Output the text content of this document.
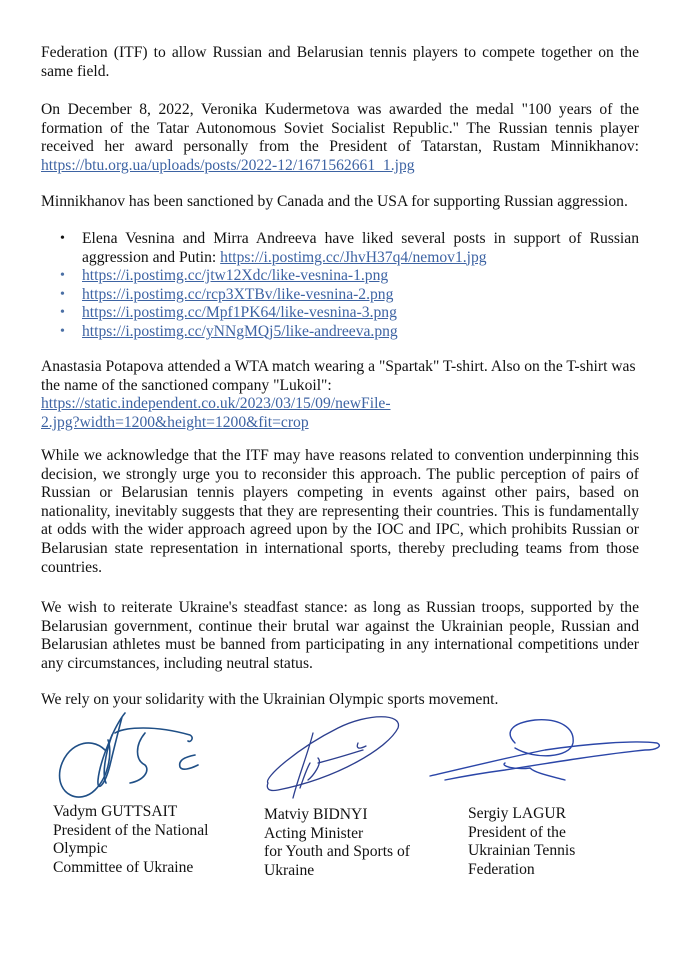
Federation (ITF) to allow Russian and Belarusian tennis players to compete together on the same field.

On December 8, 2022, Veronika Kudermetova was awarded the medal "100 years of the formation of the Tatar Autonomous Soviet Socialist Republic." The Russian tennis player received her award personally from the President of Tatarstan, Rustam Minnikhanov: https://btu.org.ua/uploads/posts/2022-12/1671562661_1.jpg

Minnikhanov has been sanctioned by Canada and the USA for supporting Russian aggression.

• Elena Vesnina and Mirra Andreeva have liked several posts in support of Russian aggression and Putin: https://i.postimg.cc/JhvH37q4/nemov1.jpg
• https://i.postimg.cc/jtw12Xdc/like-vesnina-1.png
• https://i.postimg.cc/rcp3XTBv/like-vesnina-2.png
• https://i.postimg.cc/Mpf1PK64/like-vesnina-3.png
• https://i.postimg.cc/yNNgMQj5/like-andreeva.png

Anastasia Potapova attended a WTA match wearing a "Spartak" T-shirt. Also on the T-shirt was the name of the sanctioned company "Lukoil":
https://static.independent.co.uk/2023/03/15/09/newFile-
2.jpg?width=1200&height=1200&fit=crop

While we acknowledge that the ITF may have reasons related to convention underpinning this decision, we strongly urge you to reconsider this approach. The public perception of pairs of Russian or Belarusian tennis players competing in events against other pairs, based on nationality, inevitably suggests that they are representing their countries. This is fundamentally at odds with the wider approach agreed upon by the IOC and IPC, which prohibits Russian or Belarusian state representation in international sports, thereby precluding teams from those countries.

We wish to reiterate Ukraine's steadfast stance: as long as Russian troops, supported by the Belarusian government, continue their brutal war against the Ukrainian people, Russian and Belarusian athletes must be banned from participating in any international competitions under any circumstances, including neutral status.

We rely on your solidarity with the Ukrainian Olympic sports movement.

Vadym GUTTSAIT
President of the National
Olympic
Committee of Ukraine
Matviy BIDNYI
Acting Minister
for Youth and Sports of
Ukraine
Sergiy LAGUR
President of the
Ukrainian Tennis
Federation
